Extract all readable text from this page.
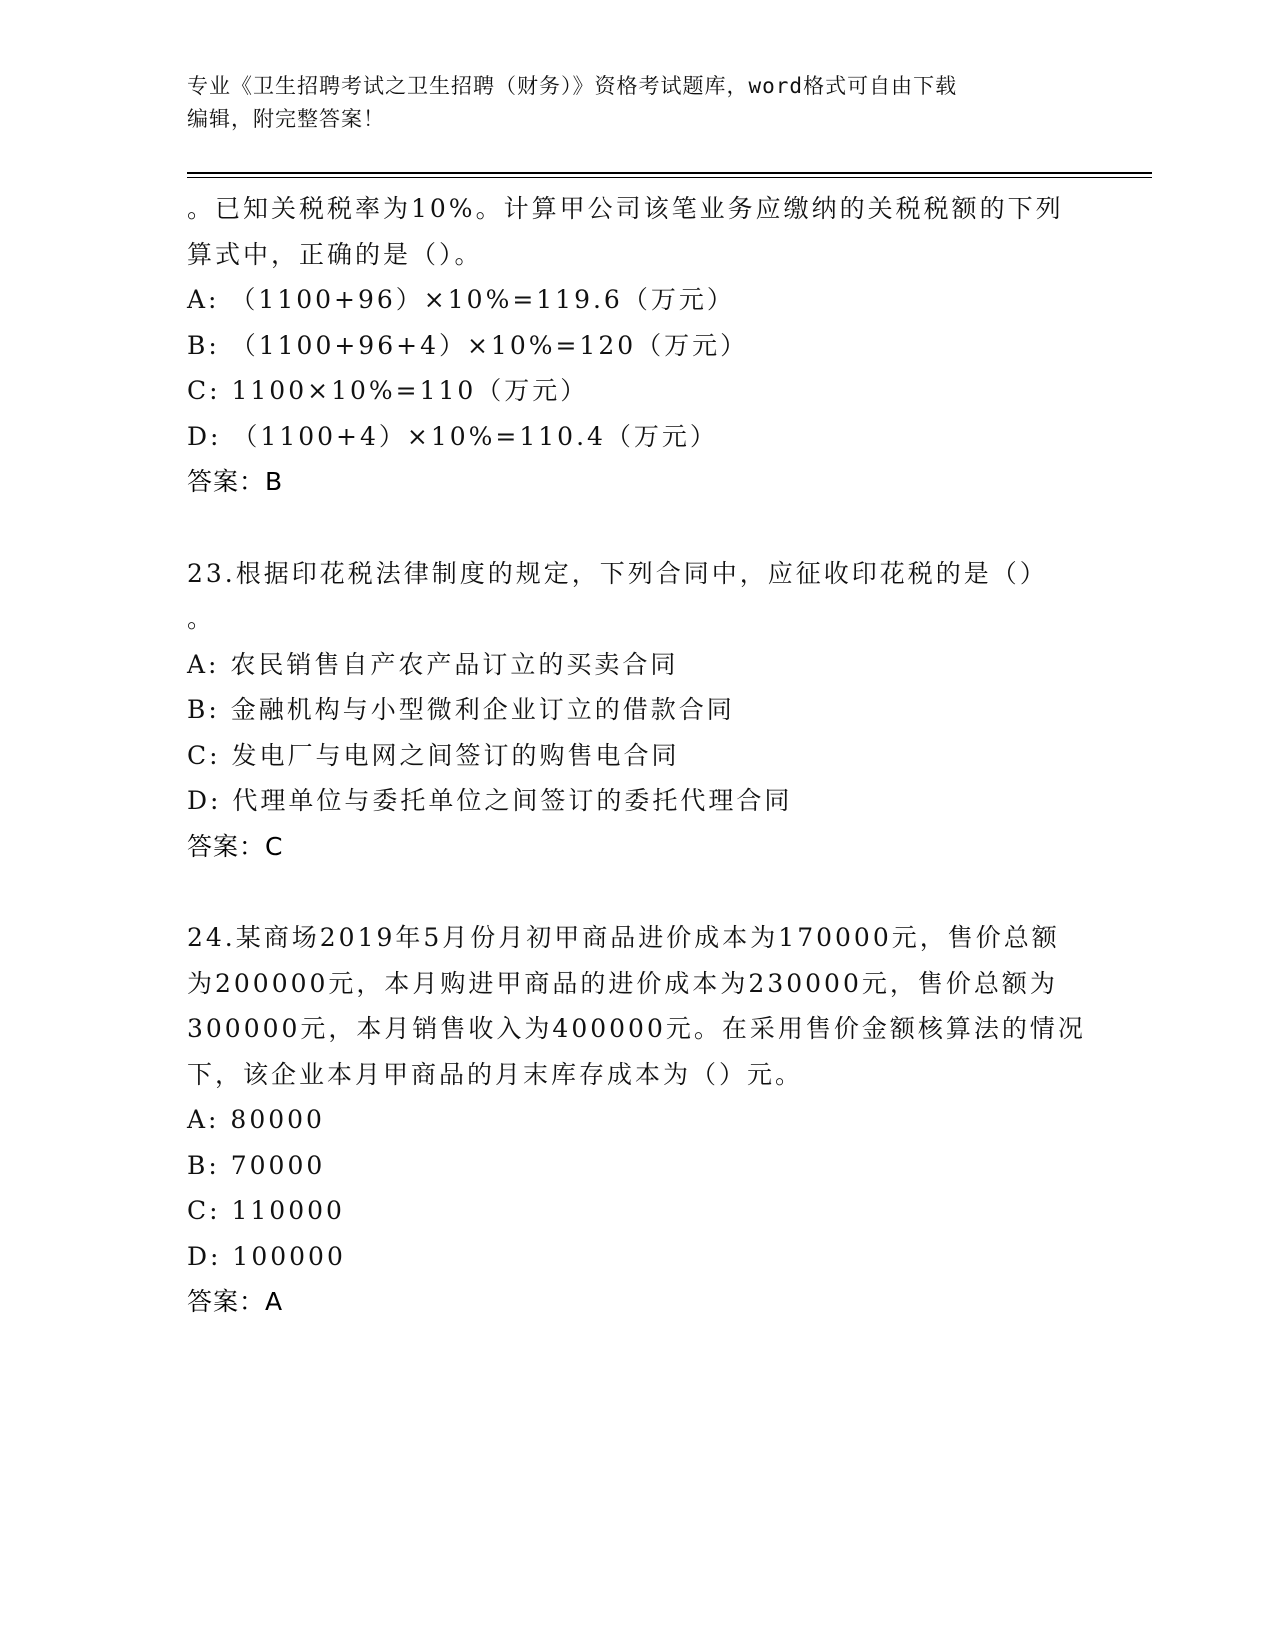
专业《卫生招聘考试之卫生招聘（财务）》资格考试题库，word格式可自由下载
编辑，附完整答案！
。已知关税税率为10%。计算甲公司该笔业务应缴纳的关税税额的下列
算式中，正确的是（）。
A: （1100+96）×10%=119.6（万元）
B: （1100+96+4）×10%=120（万元）
C: 1100×10%=110（万元）
D: （1100+4）×10%=110.4（万元）
答案：B
23.根据印花税法律制度的规定，下列合同中，应征收印花税的是（）
。
A: 农民销售自产农产品订立的买卖合同
B: 金融机构与小型微利企业订立的借款合同
C: 发电厂与电网之间签订的购售电合同
D: 代理单位与委托单位之间签订的委托代理合同
答案：C
24.某商场2019年5月份月初甲商品进价成本为170000元，售价总额
为200000元，本月购进甲商品的进价成本为230000元，售价总额为
300000元，本月销售收入为400000元。在采用售价金额核算法的情况
下，该企业本月甲商品的月末库存成本为（）元。
A: 80000
B: 70000
C: 110000
D: 100000
答案：A
